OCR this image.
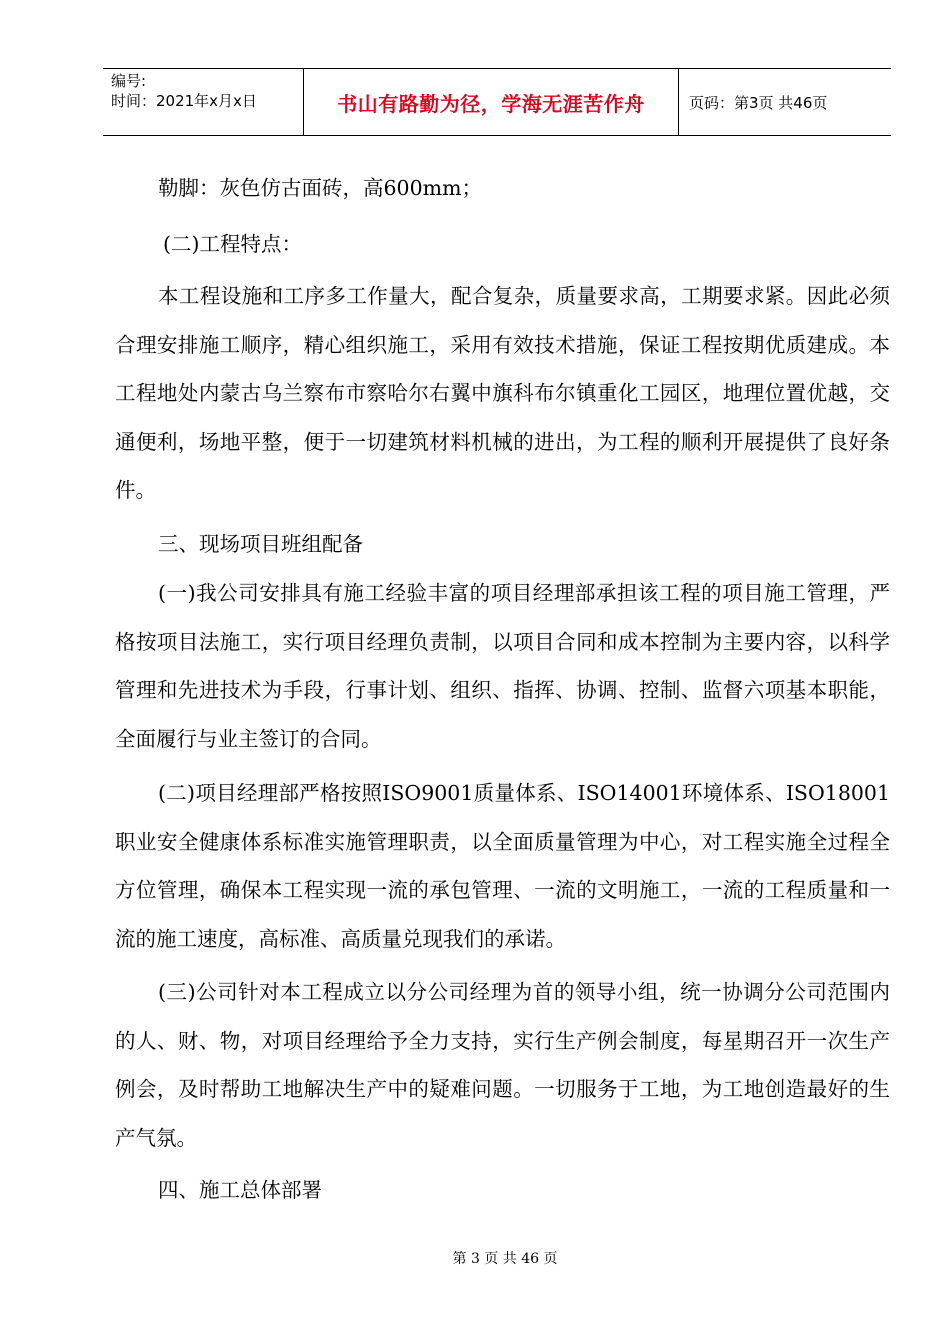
编号:
时间：2021年x月x日	书山有路勤为径，学海无涯苦作舟	页码：第3页 共46页

勒脚：灰色仿古面砖，高600mm；

(二)工程特点：

本工程设施和工序多工作量大，配合复杂，质量要求高，工期要求紧。因此必须合理安排施工顺序，精心组织施工，采用有效技术措施，保证工程按期优质建成。本工程地处内蒙古乌兰察布市察哈尔右翼中旗科布尔镇重化工园区，地理位置优越，交通便利，场地平整，便于一切建筑材料机械的进出，为工程的顺利开展提供了良好条件。

三、现场项目班组配备

(一)我公司安排具有施工经验丰富的项目经理部承担该工程的项目施工管理，严格按项目法施工，实行项目经理负责制，以项目合同和成本控制为主要内容，以科学管理和先进技术为手段，行事计划、组织、指挥、协调、控制、监督六项基本职能，全面履行与业主签订的合同。

(二)项目经理部严格按照ISO9001质量体系、ISO14001环境体系、ISO18001职业安全健康体系标准实施管理职责，以全面质量管理为中心，对工程实施全过程全方位管理，确保本工程实现一流的承包管理、一流的文明施工，一流的工程质量和一流的施工速度，高标准、高质量兑现我们的承诺。

(三)公司针对本工程成立以分公司经理为首的领导小组，统一协调分公司范围内的人、财、物，对项目经理给予全力支持，实行生产例会制度，每星期召开一次生产例会，及时帮助工地解决生产中的疑难问题。一切服务于工地，为工地创造最好的生产气氛。

四、施工总体部署

第 3 页 共 46 页
